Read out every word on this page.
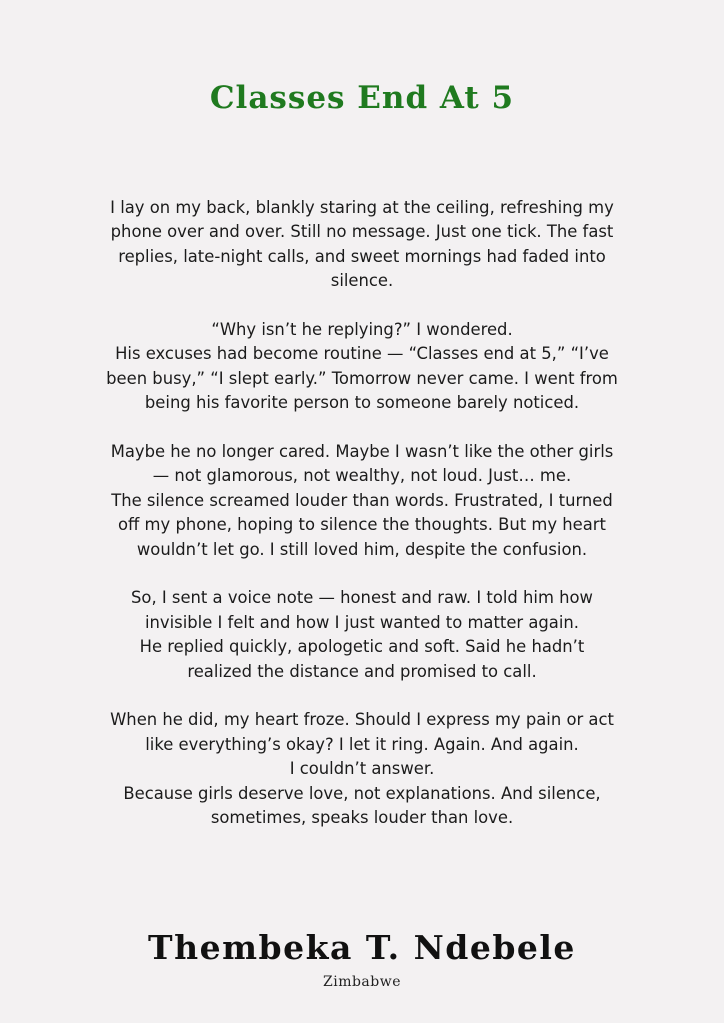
Classes End At 5

I lay on my back, blankly staring at the ceiling, refreshing my
phone over and over. Still no message. Just one tick. The fast
replies, late-night calls, and sweet mornings had faded into
silence.

“Why isn’t he replying?” I wondered.
His excuses had become routine — “Classes end at 5,” “I’ve
been busy,” “I slept early.” Tomorrow never came. I went from
being his favorite person to someone barely noticed.

Maybe he no longer cared. Maybe I wasn’t like the other girls
— not glamorous, not wealthy, not loud. Just… me.
The silence screamed louder than words. Frustrated, I turned
off my phone, hoping to silence the thoughts. But my heart
wouldn’t let go. I still loved him, despite the confusion.

So, I sent a voice note — honest and raw. I told him how
invisible I felt and how I just wanted to matter again.
He replied quickly, apologetic and soft. Said he hadn’t
realized the distance and promised to call.

When he did, my heart froze. Should I express my pain or act
like everything’s okay? I let it ring. Again. And again.
I couldn’t answer.
Because girls deserve love, not explanations. And silence,
sometimes, speaks louder than love.

Thembeka T. Ndebele
Zimbabwe
